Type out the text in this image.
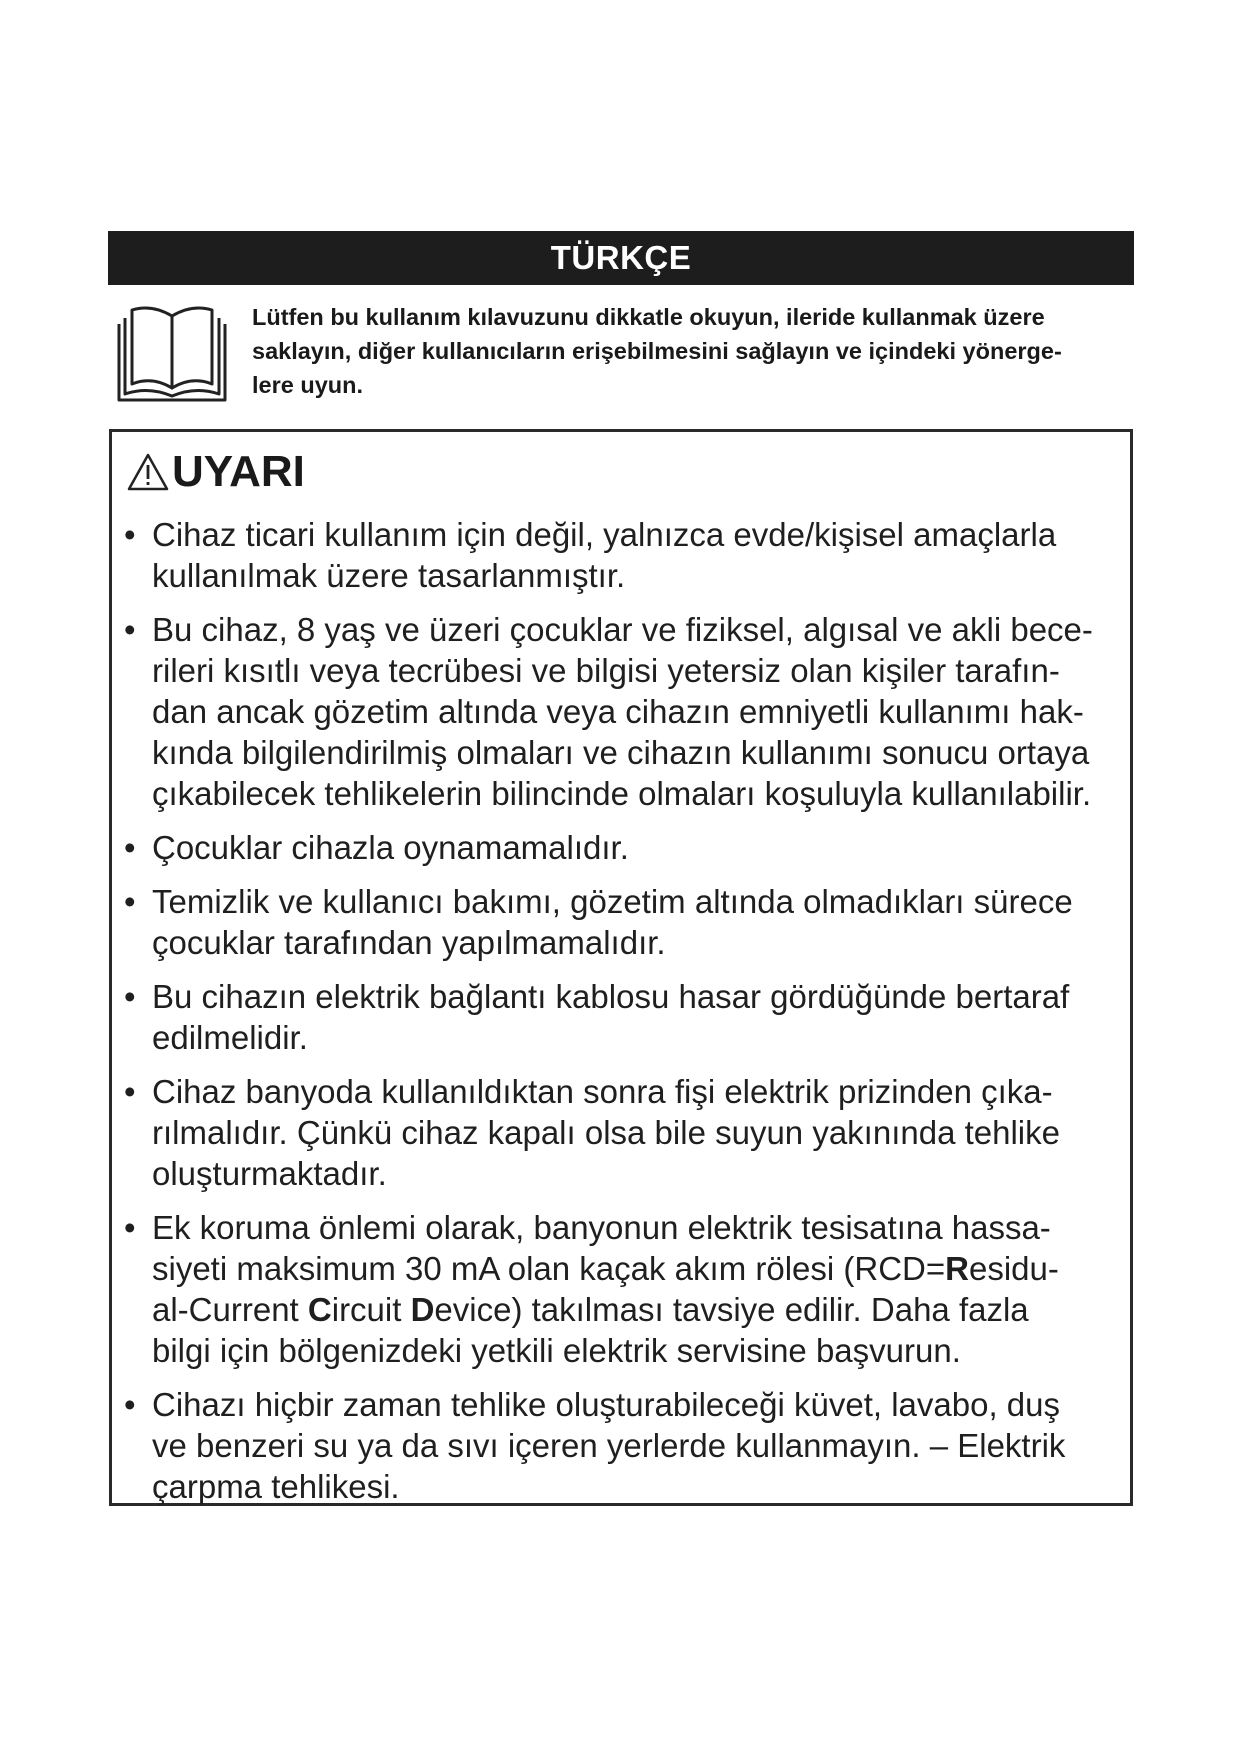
TÜRKÇE
Lütfen bu kullanım kılavuzunu dikkatle okuyun, ileride kullanmak üzere
saklayın, diğer kullanıcıların erişebilmesini sağlayın ve içindeki yönerge-
lere uyun.
UYARI
• Cihaz ticari kullanım için değil, yalnızca evde/kişisel amaçlarla
kullanılmak üzere tasarlanmıştır.
• Bu cihaz, 8 yaş ve üzeri çocuklar ve fiziksel, algısal ve akli bece-
rileri kısıtlı veya tecrübesi ve bilgisi yetersiz olan kişiler tarafın-
dan ancak gözetim altında veya cihazın emniyetli kullanımı hak-
kında bilgilendirilmiş olmaları ve cihazın kullanımı sonucu ortaya
çıkabilecek tehlikelerin bilincinde olmaları koşuluyla kullanılabilir.
• Çocuklar cihazla oynamamalıdır.
• Temizlik ve kullanıcı bakımı, gözetim altında olmadıkları sürece
çocuklar tarafından yapılmamalıdır.
• Bu cihazın elektrik bağlantı kablosu hasar gördüğünde bertaraf
edilmelidir.
• Cihaz banyoda kullanıldıktan sonra fişi elektrik prizinden çıka-
rılmalıdır. Çünkü cihaz kapalı olsa bile suyun yakınında tehlike
oluşturmaktadır.
• Ek koruma önlemi olarak, banyonun elektrik tesisatına hassa-
siyeti maksimum 30 mA olan kaçak akım rölesi (RCD=Residu-
al-Current Circuit Device) takılması tavsiye edilir. Daha fazla
bilgi için bölgenizdeki yetkili elektrik servisine başvurun.
• Cihazı hiçbir zaman tehlike oluşturabileceği küvet, lavabo, duş
ve benzeri su ya da sıvı içeren yerlerde kullanmayın. – Elektrik
çarpma tehlikesi.
